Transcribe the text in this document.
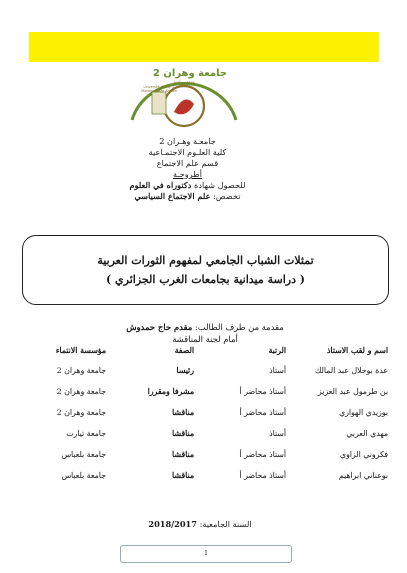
جامعة وهران 2
محمد بن أحمد
Université d'Oran 2
Mohamed Ben Ahmed
جامعـة وهـران 2
كلية العلـوم الاجتمـاعية
قسم علم الاجتماع
أطروحـة
للحصول شهادة دكتوراه في العلوم
تخصص: علم الاجتماع السياسي
تمثلات الشباب الجامعي لمفهوم الثورات العربية
( دراسة ميدانية بجامعات الغرب الجزائري )
مقدمة من طرف الطالب: مقدم حاج حمدوش
أمام لجنة المناقشة
اسم و لقب الاستاذ	الرتبة	الصفة	مؤسسة الانتماء
عدة بوجلال عبد المالك	أستاذ	رئيسا	جامعة وهران 2
بن طرمول عبد العزيز	أستاذ محاضر أ	مشرفا ومقررا	جامعة وهران 2
بوزيدي الهواري	أستاذ محاضر أ	مناقشا	جامعة وهران 2
مهدي العربي	أستاذ	مناقشا	جامعة تيارت
فكروني الزاوي	أستاذ محاضر أ	مناقشا	جامعة بلعباس
بوعناني ابراهيم	أستاذ محاضر أ	مناقشا	جامعة بلعباس
السنة الجامعية: 2018/2017
1
